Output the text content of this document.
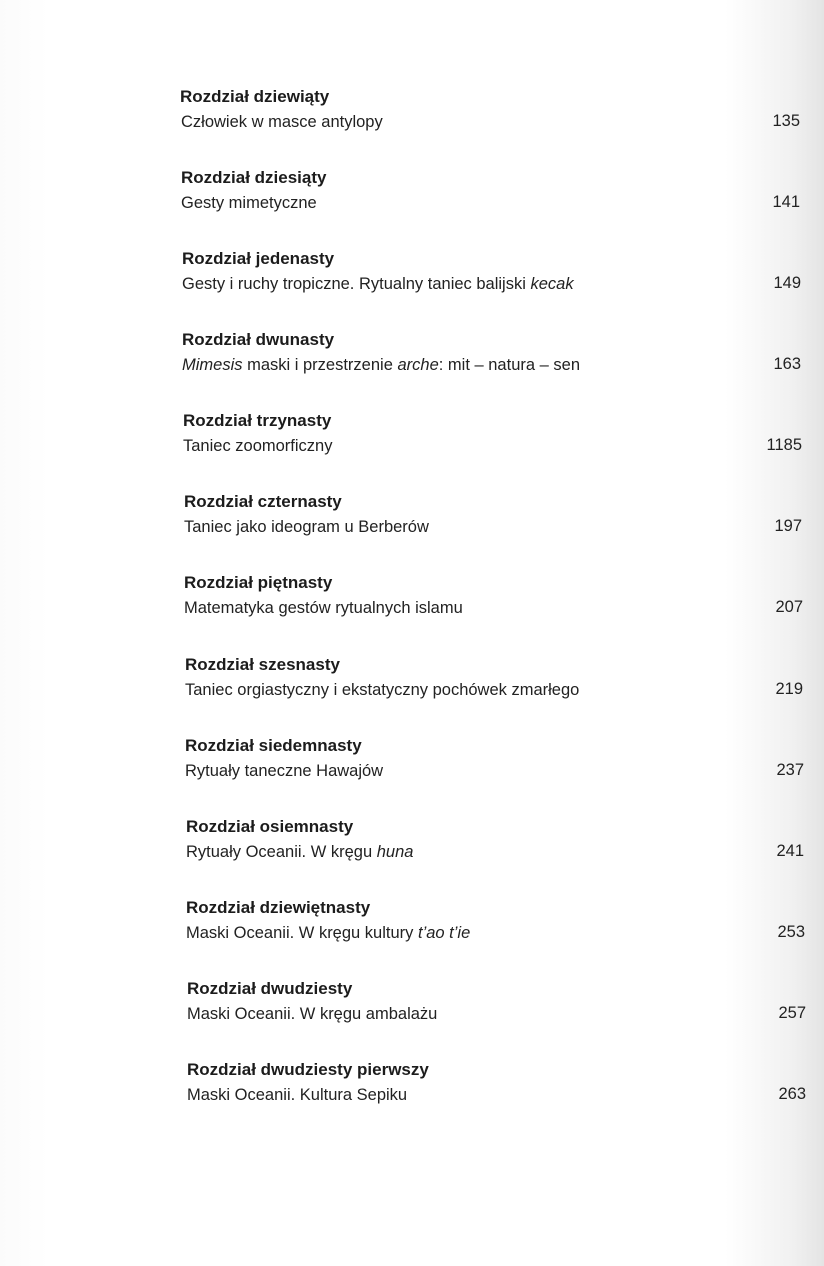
Rozdział dziewiąty
Człowiek w masce antylopy	135
Rozdział dziesiąty
Gesty mimetyczne	141
Rozdział jedenasty
Gesty i ruchy tropiczne. Rytualny taniec balijski kecak	149
Rozdział dwunasty
Mimesis maski i przestrzenie arche: mit – natura – sen	163
Rozdział trzynasty
Taniec zoomorficzny	1185
Rozdział czternasty
Taniec jako ideogram u Berberów	197
Rozdział piętnasty
Matematyka gestów rytualnych islamu	207
Rozdział szesnasty
Taniec orgiastyczny i ekstatyczny pochówek zmarłego	219
Rozdział siedemnasty
Rytuały taneczne Hawajów	237
Rozdział osiemnasty
Rytuały Oceanii. W kręgu huna	241
Rozdział dziewiętnasty
Maski Oceanii. W kręgu kultury t’ao t’ie	253
Rozdział dwudziesty
Maski Oceanii. W kręgu ambalażu	257
Rozdział dwudziesty pierwszy
Maski Oceanii. Kultura Sepiku	263
